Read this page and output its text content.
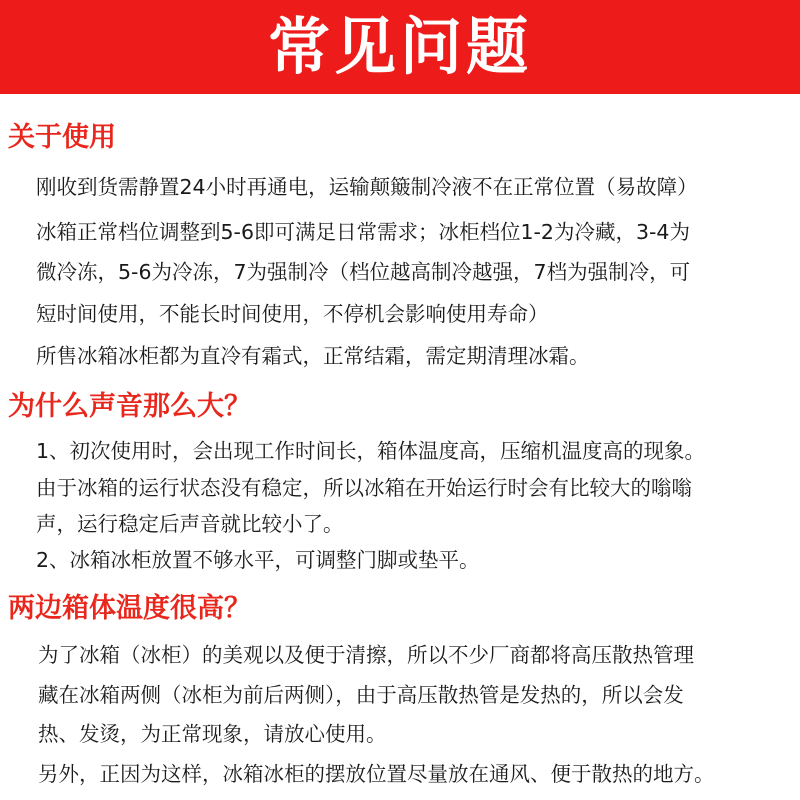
常见问题
关于使用
刚收到货需静置24小时再通电，运输颠簸制冷液不在正常位置（易故障）
冰箱正常档位调整到5-6即可满足日常需求；冰柜档位1-2为冷藏，3-4为
微冷冻，5-6为冷冻，7为强制冷（档位越高制冷越强，7档为强制冷，可
短时间使用，不能长时间使用，不停机会影响使用寿命）
所售冰箱冰柜都为直冷有霜式，正常结霜，需定期清理冰霜。
为什么声音那么大？
1、初次使用时，会出现工作时间长，箱体温度高，压缩机温度高的现象。
由于冰箱的运行状态没有稳定，所以冰箱在开始运行时会有比较大的嗡嗡
声，运行稳定后声音就比较小了。
2、冰箱冰柜放置不够水平，可调整门脚或垫平。
两边箱体温度很高？
为了冰箱（冰柜）的美观以及便于清擦，所以不少厂商都将高压散热管理
藏在冰箱两侧（冰柜为前后两侧），由于高压散热管是发热的，所以会发
热、发烫，为正常现象，请放心使用。
另外，正因为这样，冰箱冰柜的摆放位置尽量放在通风、便于散热的地方。
